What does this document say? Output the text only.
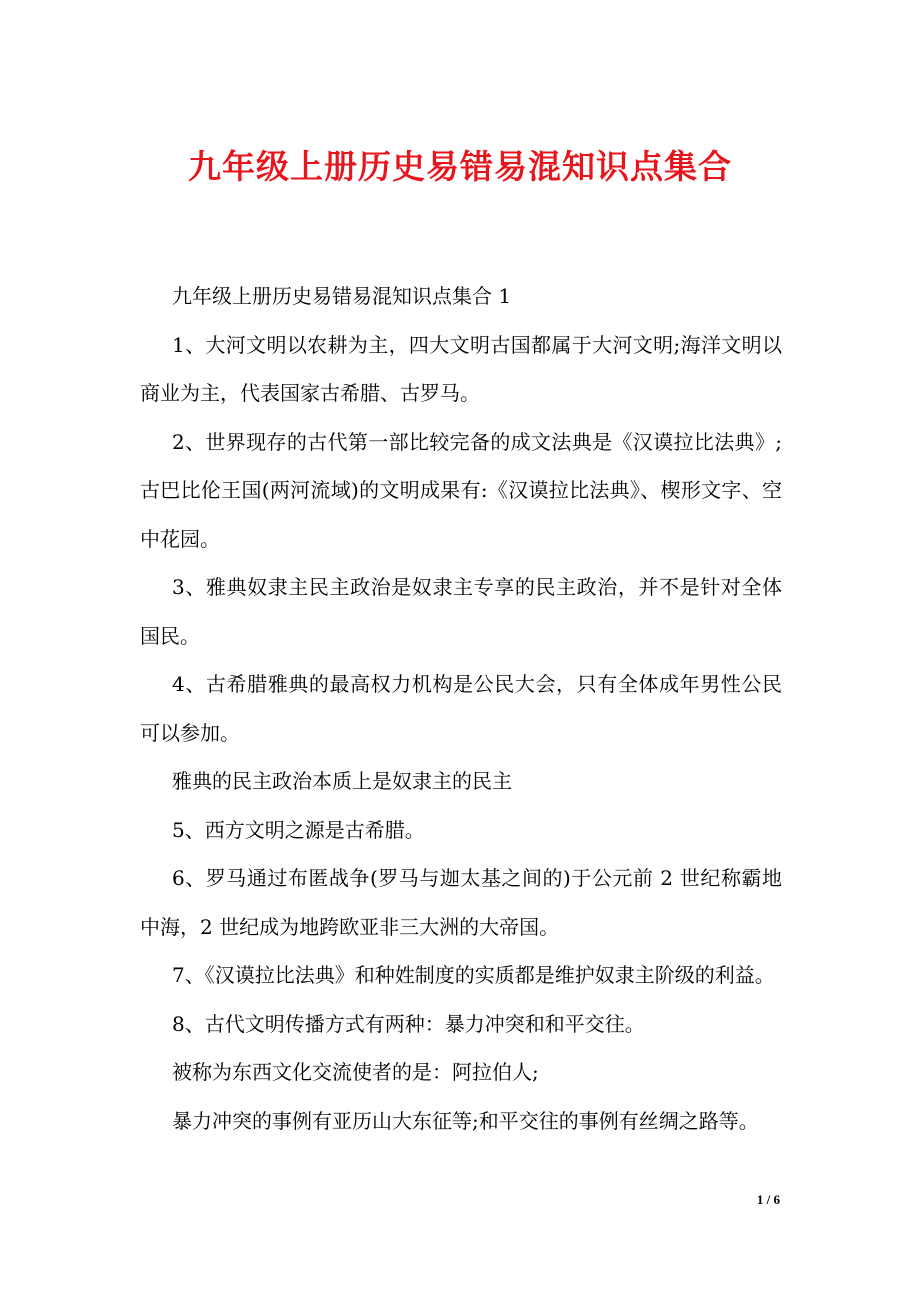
九年级上册历史易错易混知识点集合

九年级上册历史易错易混知识点集合 1

1、大河文明以农耕为主，四大文明古国都属于大河文明;海洋文明以商业为主，代表国家古希腊、古罗马。

2、世界现存的古代第一部比较完备的成文法典是《汉谟拉比法典》;古巴比伦王国(两河流域)的文明成果有:《汉谟拉比法典》、楔形文字、空中花园。

3、雅典奴隶主民主政治是奴隶主专享的民主政治，并不是针对全体国民。

4、古希腊雅典的最高权力机构是公民大会，只有全体成年男性公民可以参加。

雅典的民主政治本质上是奴隶主的民主

5、西方文明之源是古希腊。

6、罗马通过布匿战争(罗马与迦太基之间的)于公元前 2 世纪称霸地中海，2 世纪成为地跨欧亚非三大洲的大帝国。

7、《汉谟拉比法典》和种姓制度的实质都是维护奴隶主阶级的利益。

8、古代文明传播方式有两种：暴力冲突和和平交往。

被称为东西文化交流使者的是：阿拉伯人;

暴力冲突的事例有亚历山大东征等;和平交往的事例有丝绸之路等。

1 / 6
